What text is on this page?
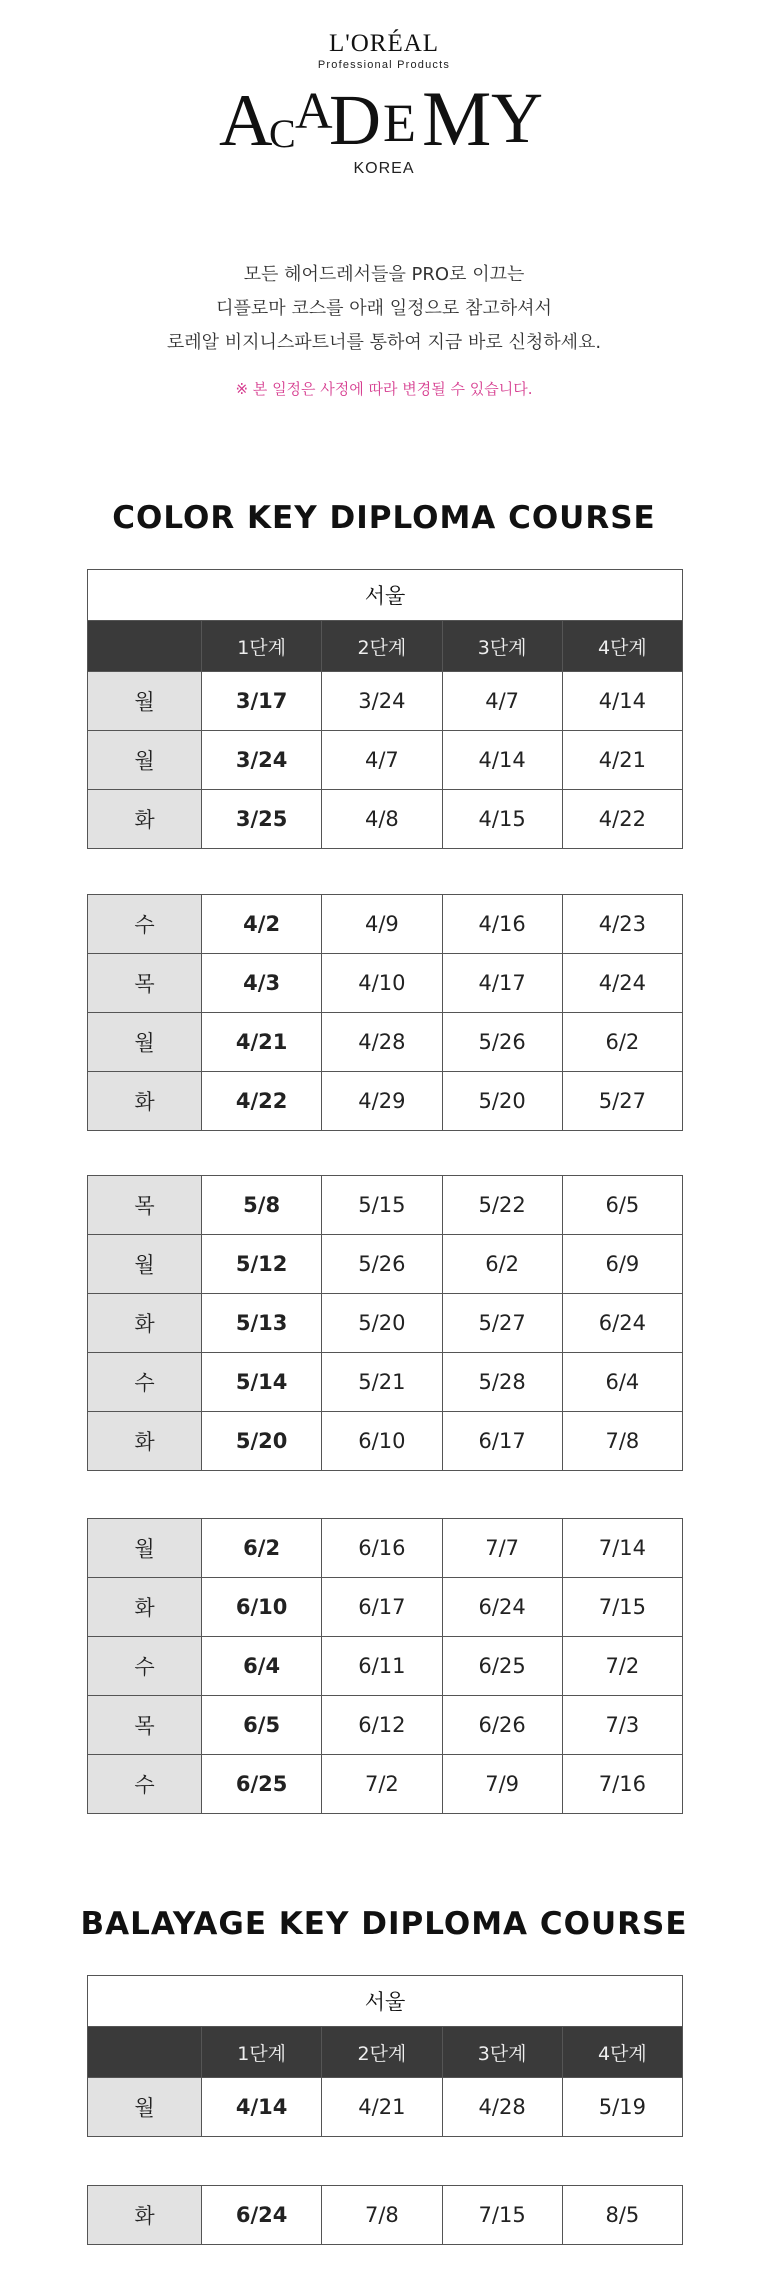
L'ORÉAL
Professional Products
A
C A
D E M Y
KOREA

모든 헤어드레서들을 PRO로 이끄는

디플로마 코스를 아래 일정으로 참고하셔서

로레알 비지니스파트너를 통하여 지금 바로 신청하세요.

※ 본 일정은 사정에 따라 변경될 수 있습니다.
COLOR KEY DIPLOMA COURSE
서울				
	1단계	2단계	3단계	4단계
월	3/17	3/24	4/7	4/14
월	3/24	4/7	4/14	4/21
화	3/25	4/8	4/15	4/22
수	4/2	4/9	4/16	4/23
목	4/3	4/10	4/17	4/24
월	4/21	4/28	5/26	6/2
화	4/22	4/29	5/20	5/27
목	5/8	5/15	5/22	6/5
월	5/12	5/26	6/2	6/9
화	5/13	5/20	5/27	6/24
수	5/14	5/21	5/28	6/4
화	5/20	6/10	6/17	7/8
월	6/2	6/16	7/7	7/14
화	6/10	6/17	6/24	7/15
수	6/4	6/11	6/25	7/2
목	6/5	6/12	6/26	7/3
수	6/25	7/2	7/9	7/16
BALAYAGE KEY DIPLOMA COURSE
서울				
	1단계	2단계	3단계	4단계
월	4/14	4/21	4/28	5/19
화	6/24	7/8	7/15	8/5
